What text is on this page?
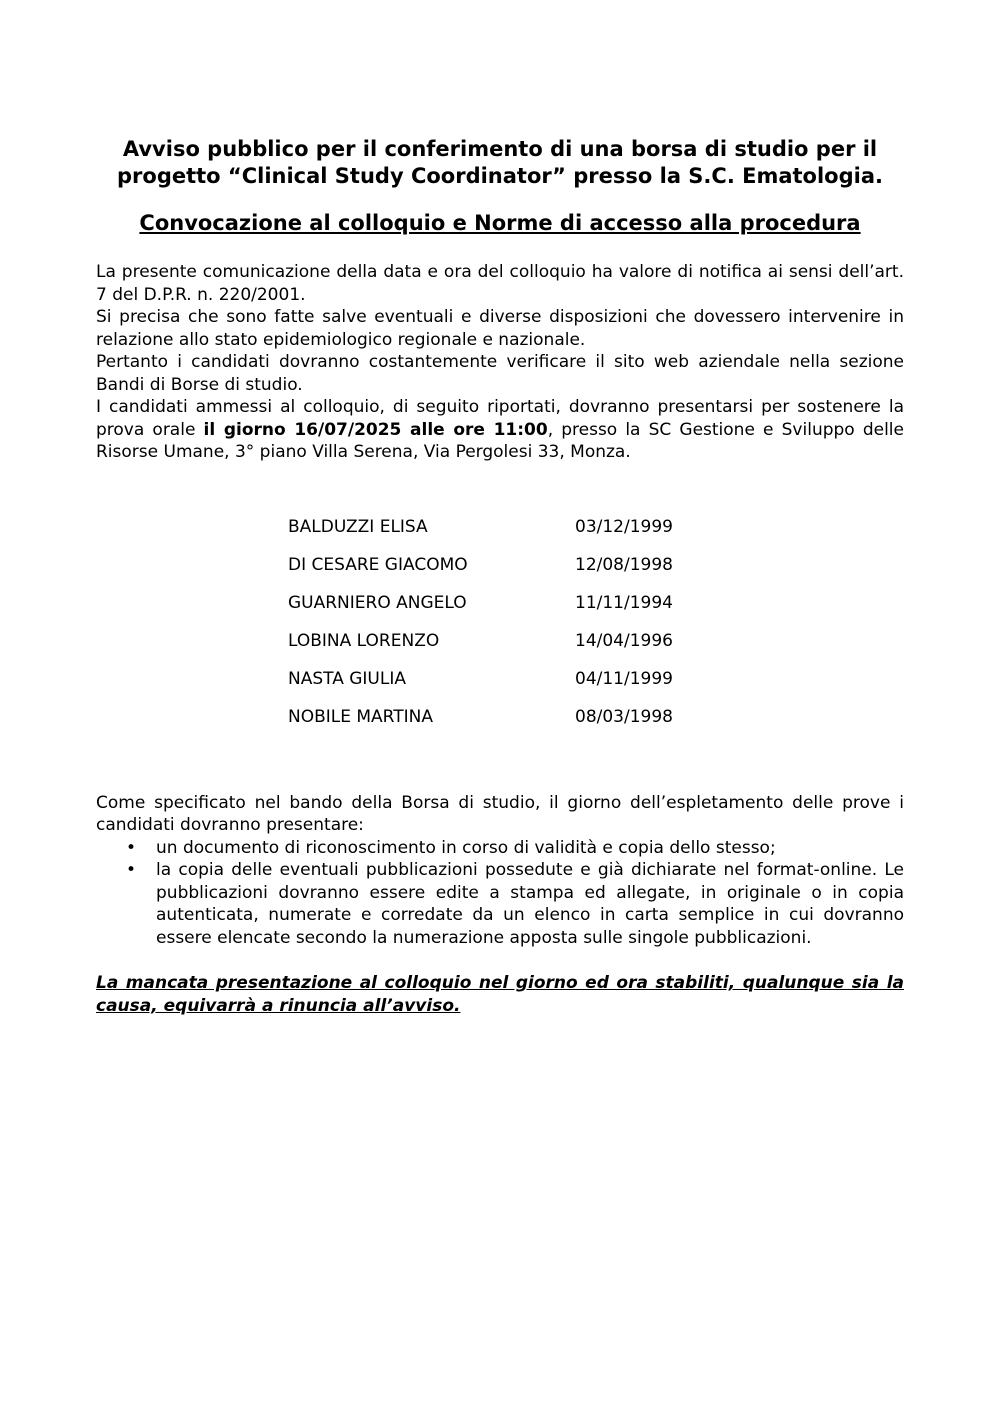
Avviso pubblico per il conferimento di una borsa di studio per il
progetto “Clinical Study Coordinator” presso la S.C. Ematologia.
Convocazione al colloquio e Norme di accesso alla procedura

La presente comunicazione della data e ora del colloquio ha valore di notifica ai sensi dell’art. 7 del D.P.R. n. 220/2001.

Si precisa che sono fatte salve eventuali e diverse disposizioni che dovessero intervenire in relazione allo stato epidemiologico regionale e nazionale.

Pertanto i candidati dovranno costantemente verificare il sito web aziendale nella sezione Bandi di Borse di studio.

I candidati ammessi al colloquio, di seguito riportati, dovranno presentarsi per sostenere la prova orale il giorno 16/07/2025 alle ore 11:00, presso la SC Gestione e Sviluppo delle Risorse Umane, 3° piano Villa Serena, Via Pergolesi 33, Monza.

BALDUZZI ELISA	03/12/1999
DI CESARE GIACOMO	12/08/1998
GUARNIERO ANGELO	11/11/1994
LOBINA LORENZO	14/04/1996
NASTA GIULIA	04/11/1999
NOBILE MARTINA	08/03/1998

Come specificato nel bando della Borsa di studio, il giorno dell’espletamento delle prove i candidati dovranno presentare:

• un documento di riconoscimento in corso di validità e copia dello stesso;
• la copia delle eventuali pubblicazioni possedute e già dichiarate nel format-online. Le pubblicazioni dovranno essere edite a stampa ed allegate, in originale o in copia autenticata, numerate e corredate da un elenco in carta semplice in cui dovranno essere elencate secondo la numerazione apposta sulle singole pubblicazioni.

La mancata presentazione al colloquio nel giorno ed ora stabiliti, qualunque sia la causa, equivarrà a rinuncia all’avviso.
